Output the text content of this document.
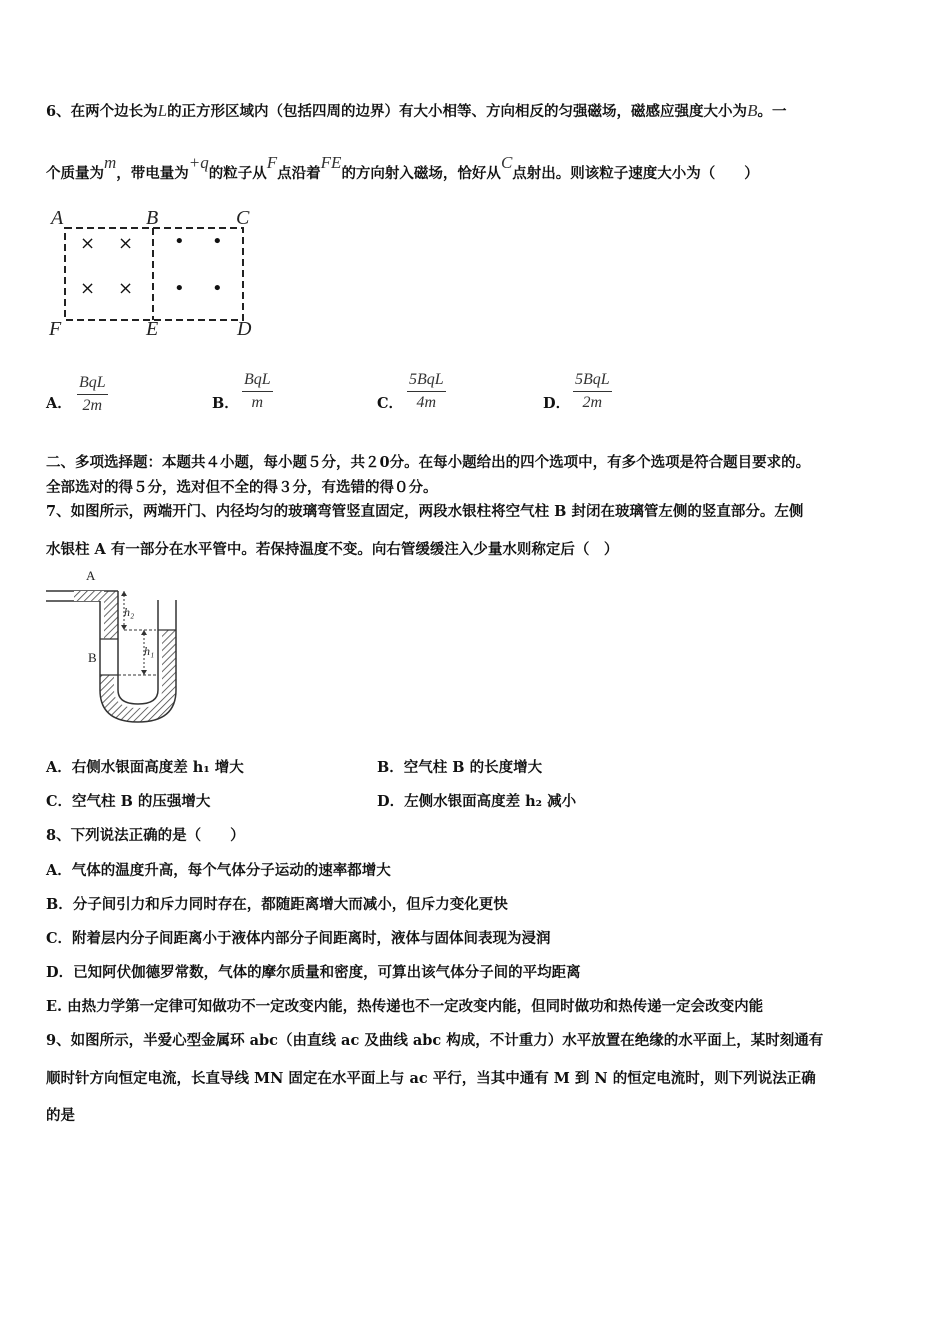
6、在两个边长为L的正方形区域内（包括四周的边界）有大小相等、方向相反的匀强磁场，磁感应强度大小为B。一
个质量为m，带电量为+q的粒子从F点沿着FE的方向射入磁场，恰好从C点射出。则该粒子速度大小为（　　）
A	B	C
F	E	D
× ×
× ×
• •
• •
A．
BqL
2m	B．
BqL
m	C．
5BqL
4m	D．
5BqL
2m
二、多项选择题：本题共４小题，每小题５分，共２0分。在每小题给出的四个选项中，有多个选项是符合题目要求的。
全部选对的得５分，选对但不全的得３分，有选错的得０分。
7、如图所示，两端开门、内径均匀的玻璃弯管竖直固定，两段水银柱将空气柱 B 封闭在玻璃管左侧的竖直部分。左侧
水银柱 A 有一部分在水平管中。若保持温度不变。向右管缓缓注入少量水则称定后（　）
A
B
h₂
h₁
A．右侧水银面高度差 h₁ 增大	B．空气柱 B 的长度增大
C．空气柱 B 的压强增大	D．左侧水银面高度差 h₂ 减小
8、下列说法正确的是（　　）
A．气体的温度升高，每个气体分子运动的速率都增大
B．分子间引力和斥力同时存在，都随距离增大而减小，但斥力变化更快
C．附着层内分子间距离小于液体内部分子间距离时，液体与固体间表现为浸润
D．已知阿伏伽德罗常数，气体的摩尔质量和密度，可算出该气体分子间的平均距离
E. 由热力学第一定律可知做功不一定改变内能，热传递也不一定改变内能，但同时做功和热传递一定会改变内能
9、如图所示，半爱心型金属环 abc（由直线 ac 及曲线 abc 构成，不计重力）水平放置在绝缘的水平面上，某时刻通有
顺时针方向恒定电流，长直导线 MN 固定在水平面上与 ac 平行，当其中通有 M 到 N 的恒定电流时，则下列说法正确
的是
